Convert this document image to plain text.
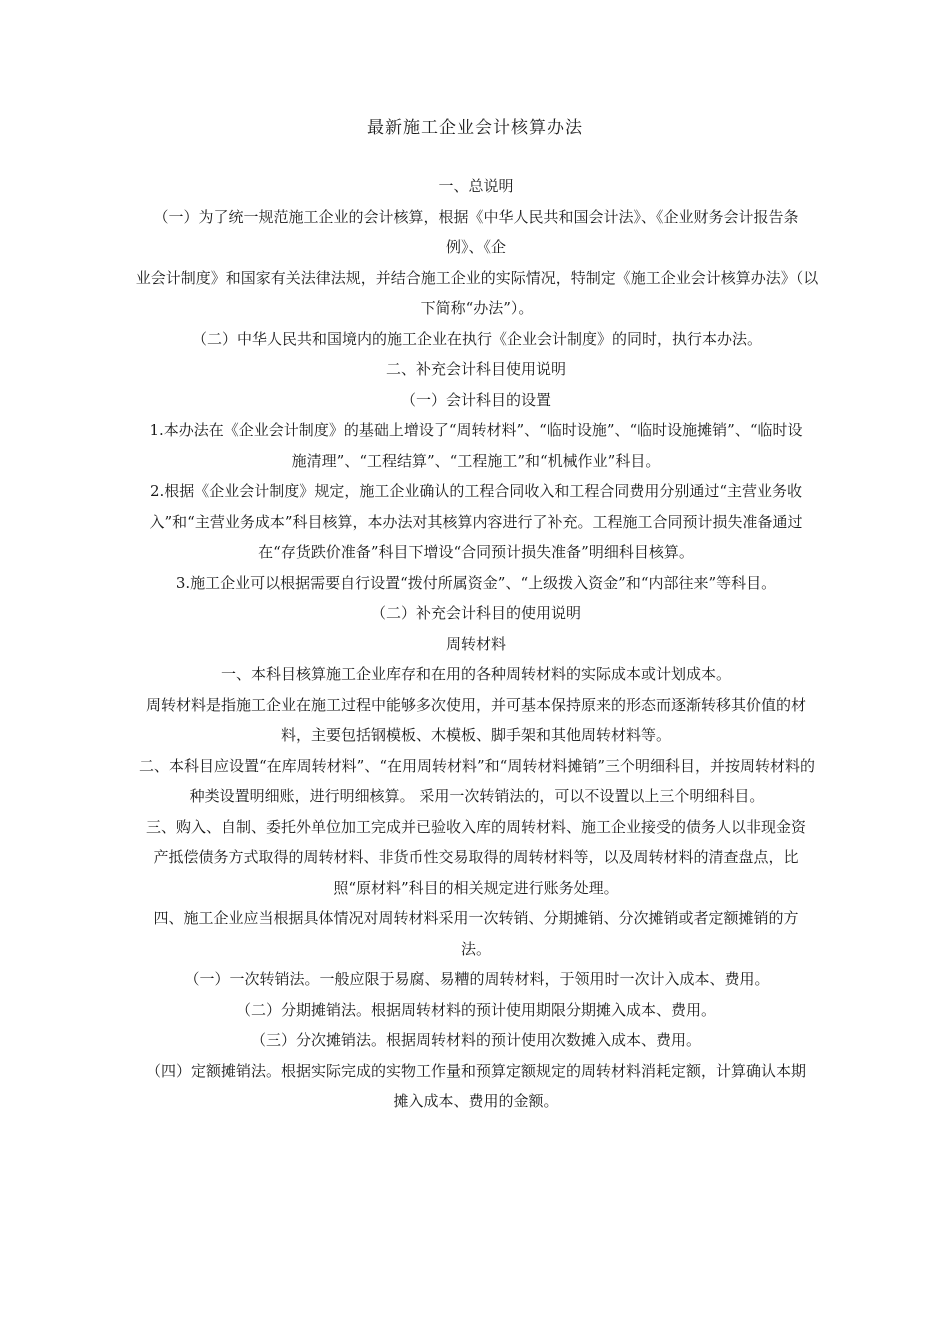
最新施工企业会计核算办法

一、总说明

（一）为了统一规范施工企业的会计核算，根据《中华人民共和国会计法》、《企业财务会计报告条例》、《企

业会计制度》和国家有关法律法规，并结合施工企业的实际情况，特制定《施工企业会计核算办法》（以下简称“办法”）。

（二）中华人民共和国境内的施工企业在执行《企业会计制度》的同时，执行本办法。

二、补充会计科目使用说明

（一）会计科目的设置

1.本办法在《企业会计制度》的基础上增设了“周转材料”、“临时设施”、“临时设施摊销”、“临时设施清理”、“工程结算”、“工程施工”和“机械作业”科目。

2.根据《企业会计制度》规定，施工企业确认的工程合同收入和工程合同费用分别通过“主营业务收入”和“主营业务成本”科目核算，本办法对其核算内容进行了补充。工程施工合同预计损失准备通过在“存货跌价准备”科目下增设“合同预计损失准备”明细科目核算。

3.施工企业可以根据需要自行设置“拨付所属资金”、“上级拨入资金”和“内部往来”等科目。

（二）补充会计科目的使用说明

周转材料

一、本科目核算施工企业库存和在用的各种周转材料的实际成本或计划成本。

周转材料是指施工企业在施工过程中能够多次使用，并可基本保持原来的形态而逐渐转移其价值的材料，主要包括钢模板、木模板、脚手架和其他周转材料等。

二、本科目应设置“在库周转材料”、“在用周转材料”和“周转材料摊销”三个明细科目，并按周转材料的种类设置明细账，进行明细核算。 采用一次转销法的，可以不设置以上三个明细科目。

三、购入、自制、委托外单位加工完成并已验收入库的周转材料、施工企业接受的债务人以非现金资产抵偿债务方式取得的周转材料、非货币性交易取得的周转材料等，以及周转材料的清查盘点，比照“原材料”科目的相关规定进行账务处理。

四、施工企业应当根据具体情况对周转材料采用一次转销、分期摊销、分次摊销或者定额摊销的方法。

（一）一次转销法。一般应限于易腐、易糟的周转材料，于领用时一次计入成本、费用。

（二）分期摊销法。根据周转材料的预计使用期限分期摊入成本、费用。

（三）分次摊销法。根据周转材料的预计使用次数摊入成本、费用。

（四）定额摊销法。根据实际完成的实物工作量和预算定额规定的周转材料消耗定额，计算确认本期摊入成本、费用的金额。
